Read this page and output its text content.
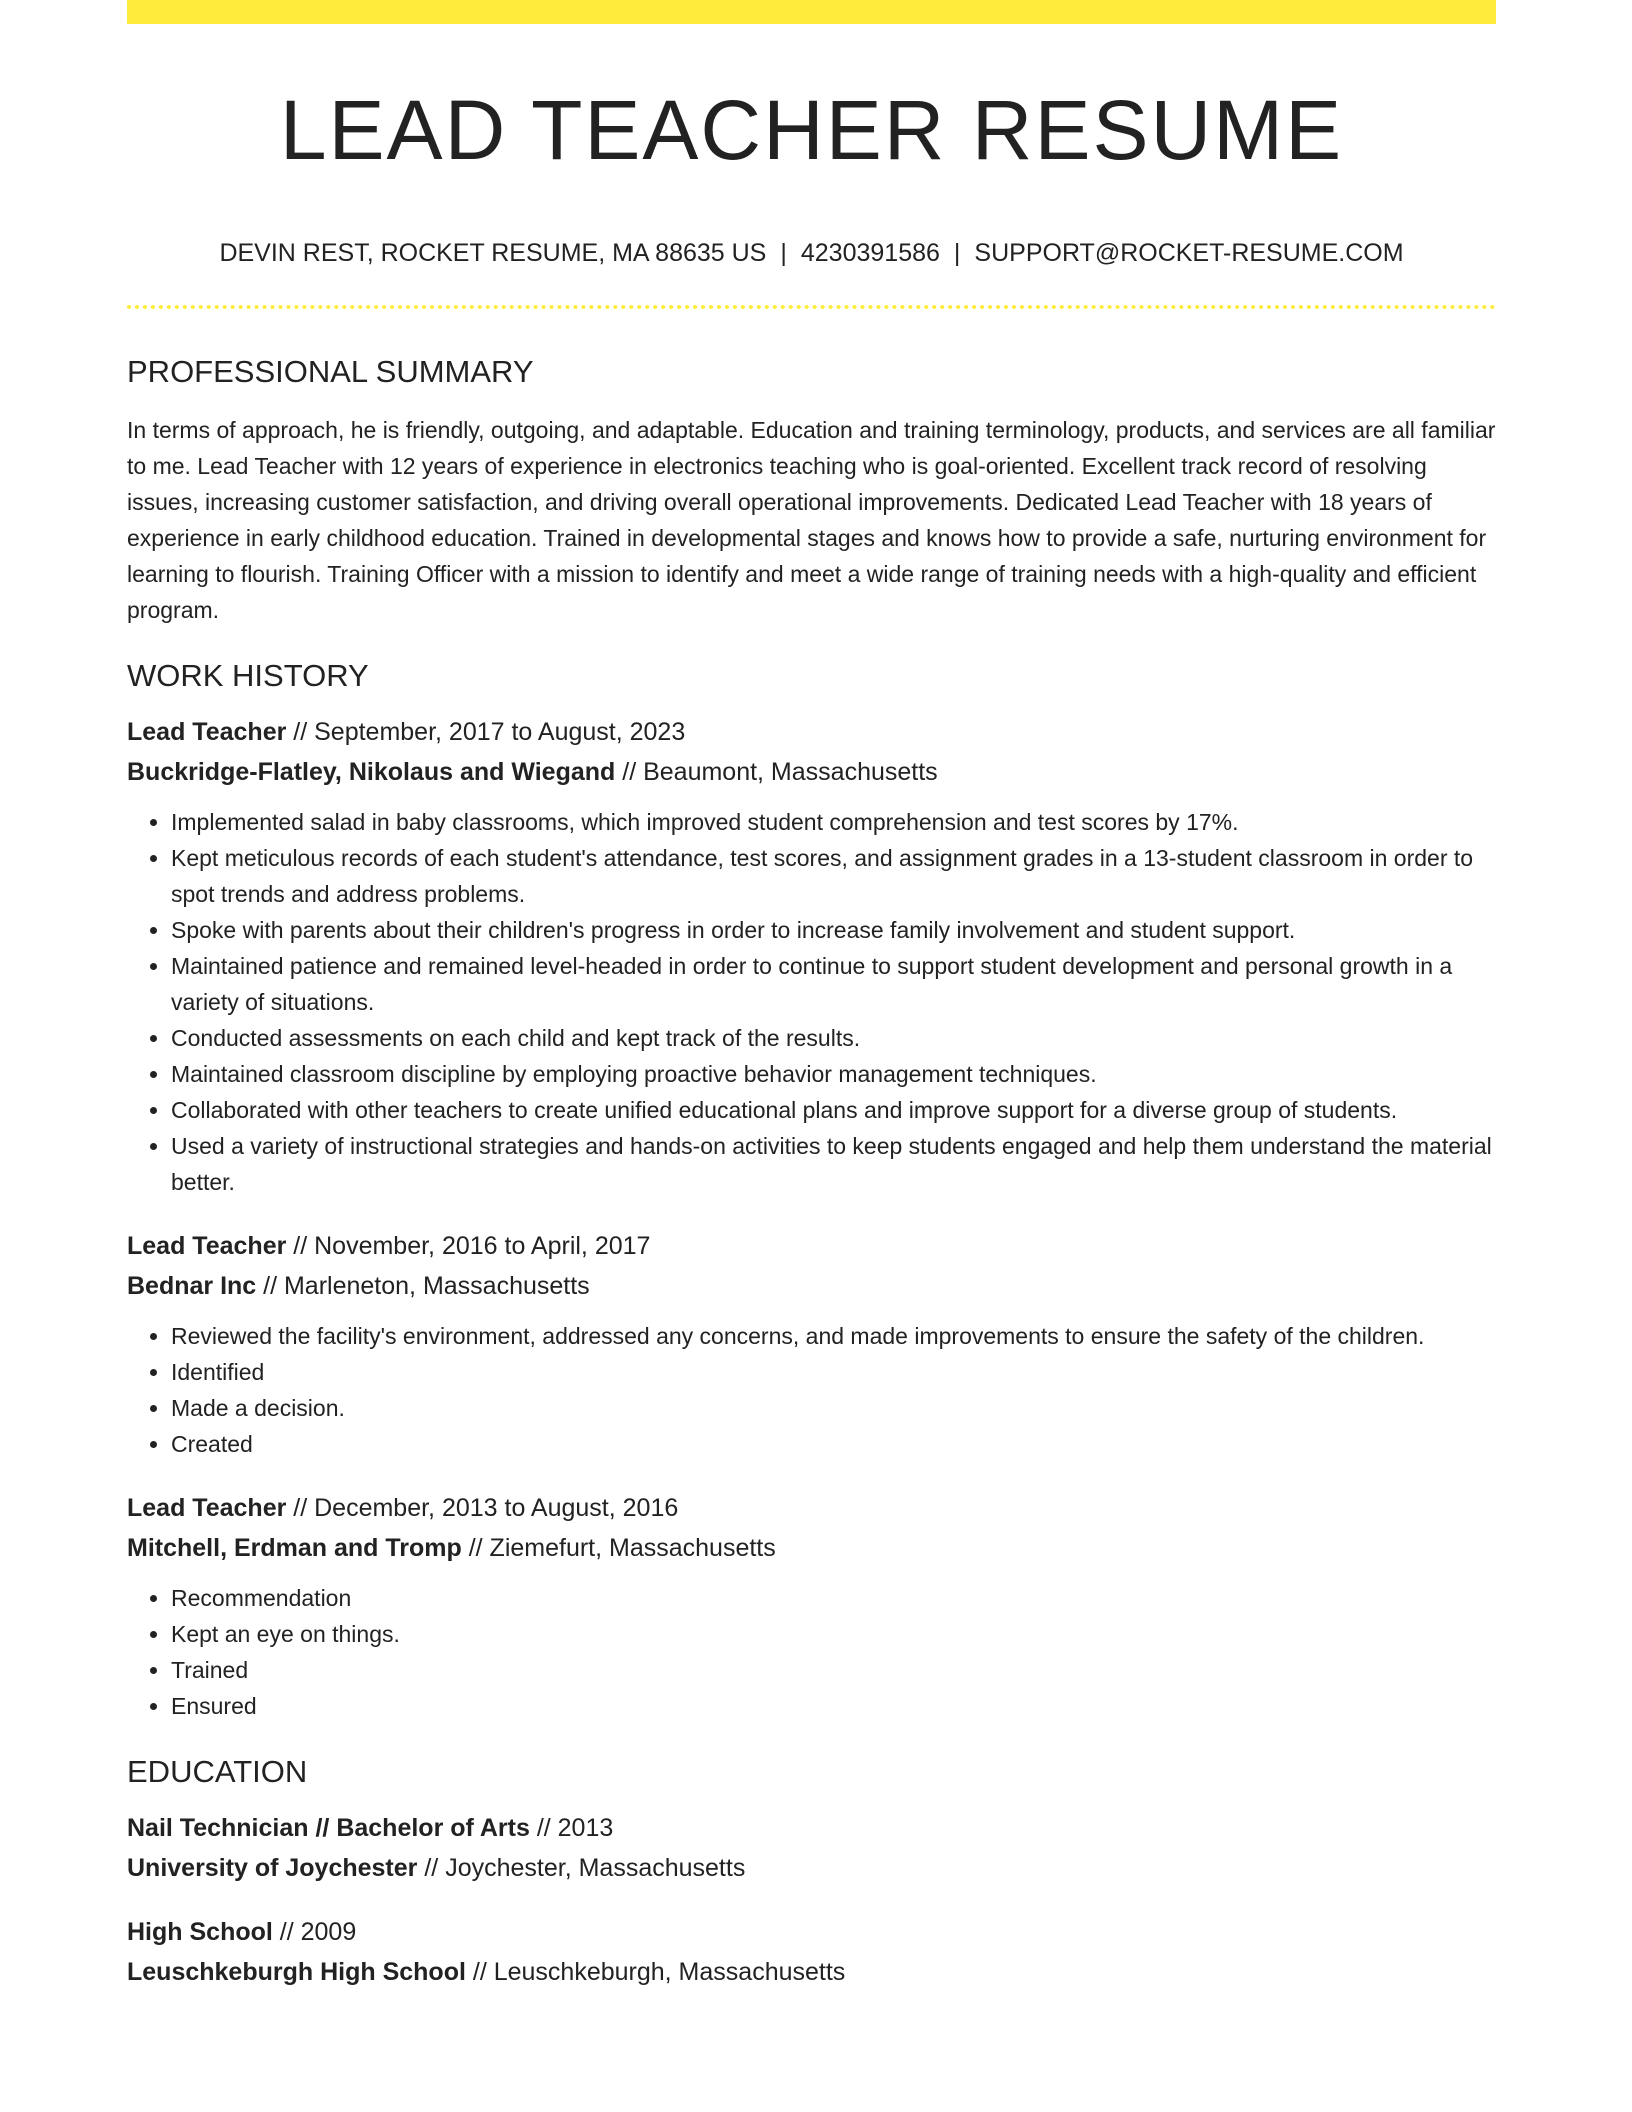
LEAD TEACHER RESUME
DEVIN REST, ROCKET RESUME, MA 88635 US | 4230391586 | SUPPORT@ROCKET-RESUME.COM
PROFESSIONAL SUMMARY

In terms of approach, he is friendly, outgoing, and adaptable. Education and training terminology, products, and services are all familiar to me. Lead Teacher with 12 years of experience in electronics teaching who is goal-oriented. Excellent track record of resolving issues, increasing customer satisfaction, and driving overall operational improvements. Dedicated Lead Teacher with 18 years of experience in early childhood education. Trained in developmental stages and knows how to provide a safe, nurturing environment for learning to flourish. Training Officer with a mission to identify and meet a wide range of training needs with a high-quality and efficient program.

WORK HISTORY
Lead Teacher // September, 2017 to August, 2023
Buckridge-Flatley, Nikolaus and Wiegand // Beaumont, Massachusetts
• Implemented salad in baby classrooms, which improved student comprehension and test scores by 17%.
• Kept meticulous records of each student's attendance, test scores, and assignment grades in a 13-student classroom in order to spot trends and address problems.
• Spoke with parents about their children's progress in order to increase family involvement and student support.
• Maintained patience and remained level-headed in order to continue to support student development and personal growth in a variety of situations.
• Conducted assessments on each child and kept track of the results.
• Maintained classroom discipline by employing proactive behavior management techniques.
• Collaborated with other teachers to create unified educational plans and improve support for a diverse group of students.
• Used a variety of instructional strategies and hands-on activities to keep students engaged and help them understand the material better.
Lead Teacher // November, 2016 to April, 2017
Bednar Inc // Marleneton, Massachusetts
• Reviewed the facility's environment, addressed any concerns, and made improvements to ensure the safety of the children.
• Identified
• Made a decision.
• Created
Lead Teacher // December, 2013 to August, 2016
Mitchell, Erdman and Tromp // Ziemefurt, Massachusetts
• Recommendation
• Kept an eye on things.
• Trained
• Ensured
EDUCATION
Nail Technician // Bachelor of Arts // 2013
University of Joychester // Joychester, Massachusetts
High School // 2009
Leuschkeburgh High School // Leuschkeburgh, Massachusetts
